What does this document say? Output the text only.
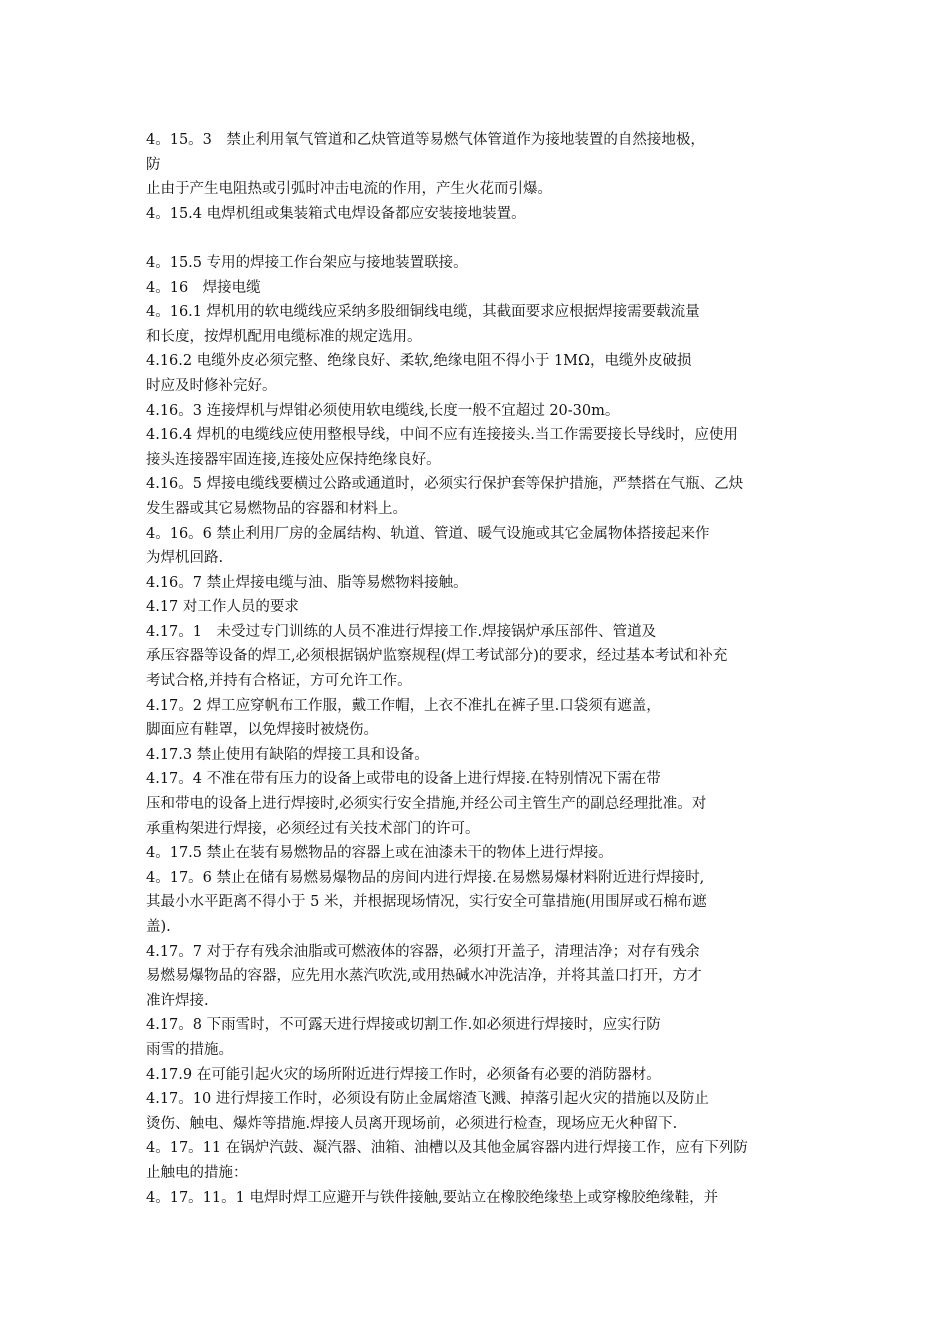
4。15。3　禁止利用氧气管道和乙炔管道等易燃气体管道作为接地装置的自然接地极，
防
止由于产生电阻热或引弧时冲击电流的作用，产生火花而引爆。
4。15.4 电焊机组或集装箱式电焊设备都应安装接地装置。
4。15.5 专用的焊接工作台架应与接地装置联接。
4。16　焊接电缆
4。16.1 焊机用的软电缆线应采纳多股细铜线电缆，其截面要求应根据焊接需要载流量
和长度，按焊机配用电缆标准的规定选用。
4.16.2 电缆外皮必须完整、绝缘良好、柔软,绝缘电阻不得小于 1MΩ，电缆外皮破损
时应及时修补完好。
4.16。3 连接焊机与焊钳必须使用软电缆线,长度一般不宜超过 20-30m。
4.16.4 焊机的电缆线应使用整根导线，中间不应有连接接头.当工作需要接长导线时，应使用
接头连接器牢固连接,连接处应保持绝缘良好。
4.16。5 焊接电缆线要横过公路或通道时，必须实行保护套等保护措施，严禁搭在气瓶、乙炔
发生器或其它易燃物品的容器和材料上。
4。16。6 禁止利用厂房的金属结构、轨道、管道、暖气设施或其它金属物体搭接起来作
为焊机回路.
4.16。7 禁止焊接电缆与油、脂等易燃物料接触。
4.17 对工作人员的要求
4.17。1　未受过专门训练的人员不准进行焊接工作.焊接锅炉承压部件、管道及
承压容器等设备的焊工,必须根据锅炉监察规程(焊工考试部分)的要求，经过基本考试和补充
考试合格,并持有合格证，方可允许工作。
4.17。2 焊工应穿帆布工作服，戴工作帽，上衣不准扎在裤子里.口袋须有遮盖，
脚面应有鞋罩，以免焊接时被烧伤。
4.17.3 禁止使用有缺陷的焊接工具和设备。
4.17。4 不准在带有压力的设备上或带电的设备上进行焊接.在特别情况下需在带
压和带电的设备上进行焊接时,必须实行安全措施,并经公司主管生产的副总经理批准。对
承重构架进行焊接，必须经过有关技术部门的许可。
4。17.5 禁止在装有易燃物品的容器上或在油漆未干的物体上进行焊接。
4。17。6 禁止在储有易燃易爆物品的房间内进行焊接.在易燃易爆材料附近进行焊接时,
其最小水平距离不得小于 5 米，并根据现场情况，实行安全可靠措施(用围屏或石棉布遮
盖).
4.17。7 对于存有残余油脂或可燃液体的容器，必须打开盖子，清理洁净；对存有残余
易燃易爆物品的容器，应先用水蒸汽吹洗,或用热碱水冲洗洁净，并将其盖口打开，方才
准许焊接.
4.17。8 下雨雪时，不可露天进行焊接或切割工作.如必须进行焊接时，应实行防
雨雪的措施。
4.17.9 在可能引起火灾的场所附近进行焊接工作时，必须备有必要的消防器材。
4.17。10 进行焊接工作时，必须设有防止金属熔渣飞溅、掉落引起火灾的措施以及防止
烫伤、触电、爆炸等措施.焊接人员离开现场前，必须进行检查，现场应无火种留下.
4。17。11 在锅炉汽鼓、凝汽器、油箱、油槽以及其他金属容器内进行焊接工作，应有下列防
止触电的措施：
4。17。11。1 电焊时焊工应避开与铁件接触,要站立在橡胶绝缘垫上或穿橡胶绝缘鞋，并
